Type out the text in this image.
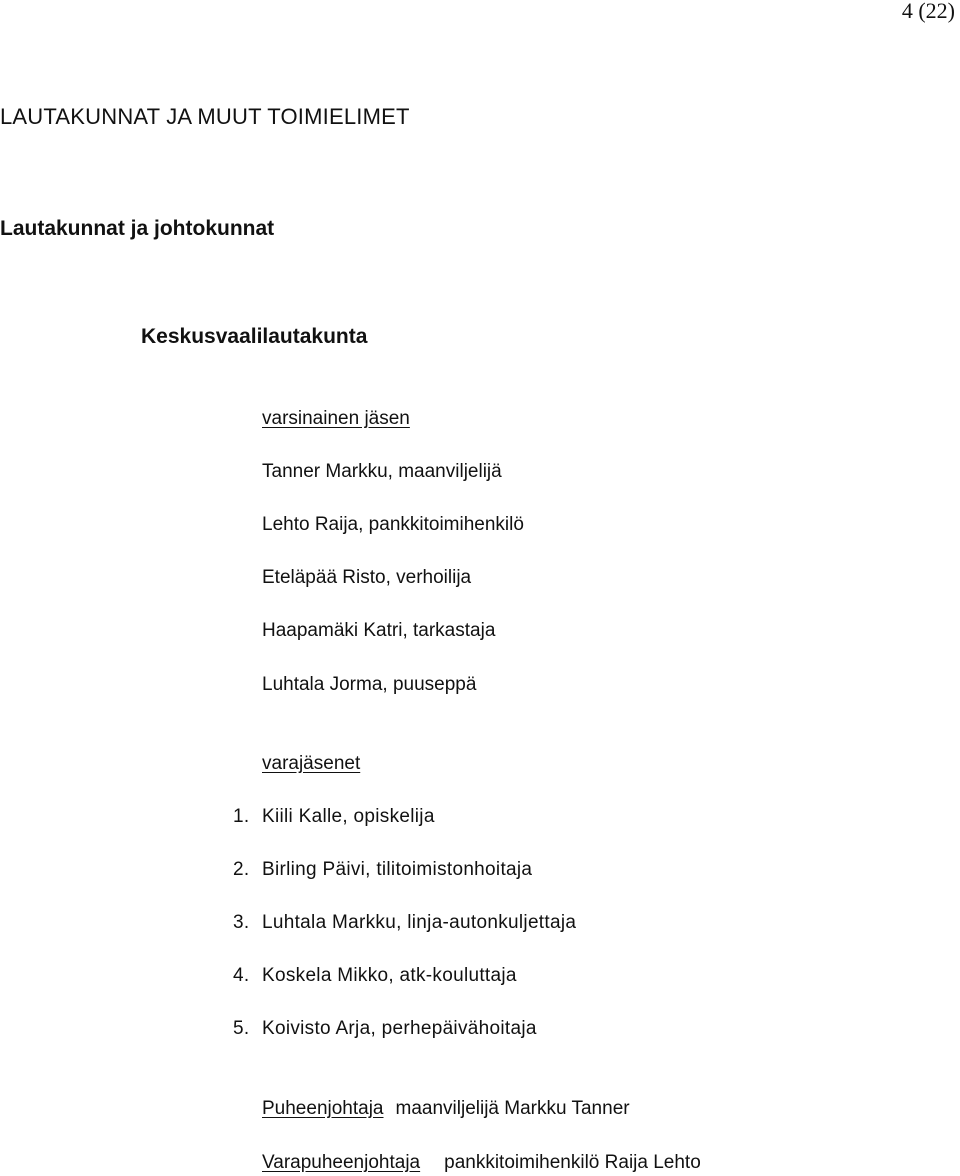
4 (22)
LAUTAKUNNAT JA MUUT TOIMIELIMET
Lautakunnat ja johtokunnat
Keskusvaalilautakunta
varsinainen jäsen
Tanner Markku, maanviljelijä
Lehto Raija, pankkitoimihenkilö
Eteläpää Risto, verhoilija
Haapamäki Katri, tarkastaja
Luhtala Jorma, puuseppä
varajäsenet
1. Kiili Kalle, opiskelija
2. Birling Päivi, tilitoimistonhoitaja
3. Luhtala Markku, linja-autonkuljettaja
4. Koskela Mikko, atk-kouluttaja
5. Koivisto Arja, perhepäivähoitaja
Puheenjohtaja maanviljelijä Markku Tanner
Varapuheenjohtaja pankkitoimihenkilö Raija Lehto
